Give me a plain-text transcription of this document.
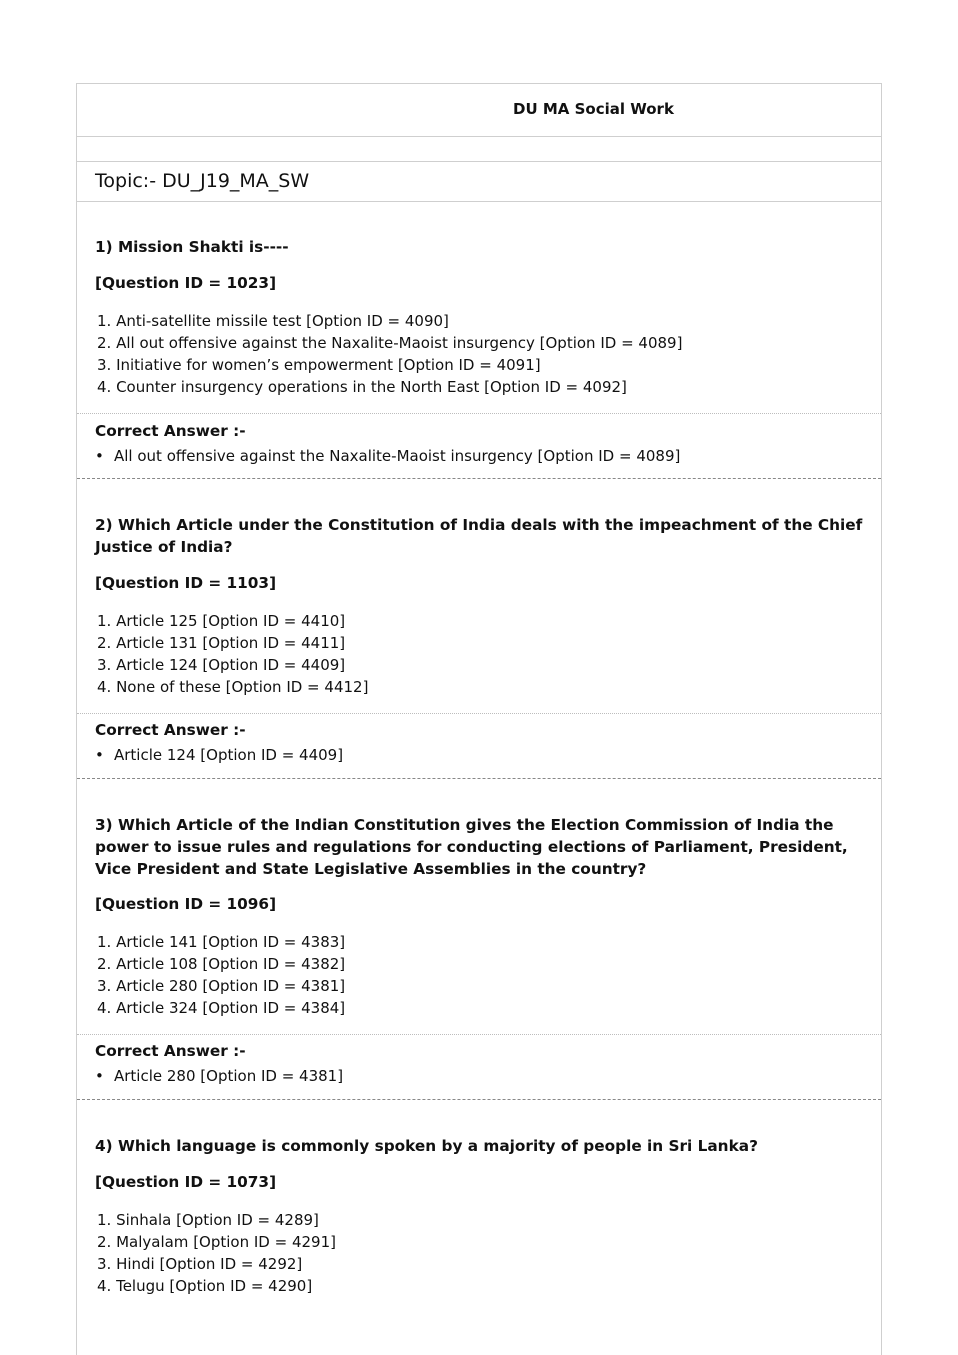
DU MA Social Work
Topic:- DU_J19_MA_SW
1) Mission Shakti is----
[Question ID = 1023]
1. Anti-satellite missile test [Option ID = 4090]
2. All out offensive against the Naxalite-Maoist insurgency [Option ID = 4089]
3. Initiative for women’s empowerment [Option ID = 4091]
4. Counter insurgency operations in the North East [Option ID = 4092]
Correct Answer :-
• All out offensive against the Naxalite-Maoist insurgency [Option ID = 4089]
2) Which Article under the Constitution of India deals with the impeachment of the Chief Justice of India?
[Question ID = 1103]
1. Article 125 [Option ID = 4410]
2. Article 131 [Option ID = 4411]
3. Article 124 [Option ID = 4409]
4. None of these [Option ID = 4412]
Correct Answer :-
• Article 124 [Option ID = 4409]
3) Which Article of the Indian Constitution gives the Election Commission of India the power to issue rules and regulations for conducting elections of Parliament, President, Vice President and State Legislative Assemblies in the country?
[Question ID = 1096]
1. Article 141 [Option ID = 4383]
2. Article 108 [Option ID = 4382]
3. Article 280 [Option ID = 4381]
4. Article 324 [Option ID = 4384]
Correct Answer :-
• Article 280 [Option ID = 4381]
4) Which language is commonly spoken by a majority of people in Sri Lanka?
[Question ID = 1073]
1. Sinhala [Option ID = 4289]
2. Malyalam [Option ID = 4291]
3. Hindi [Option ID = 4292]
4. Telugu [Option ID = 4290]
